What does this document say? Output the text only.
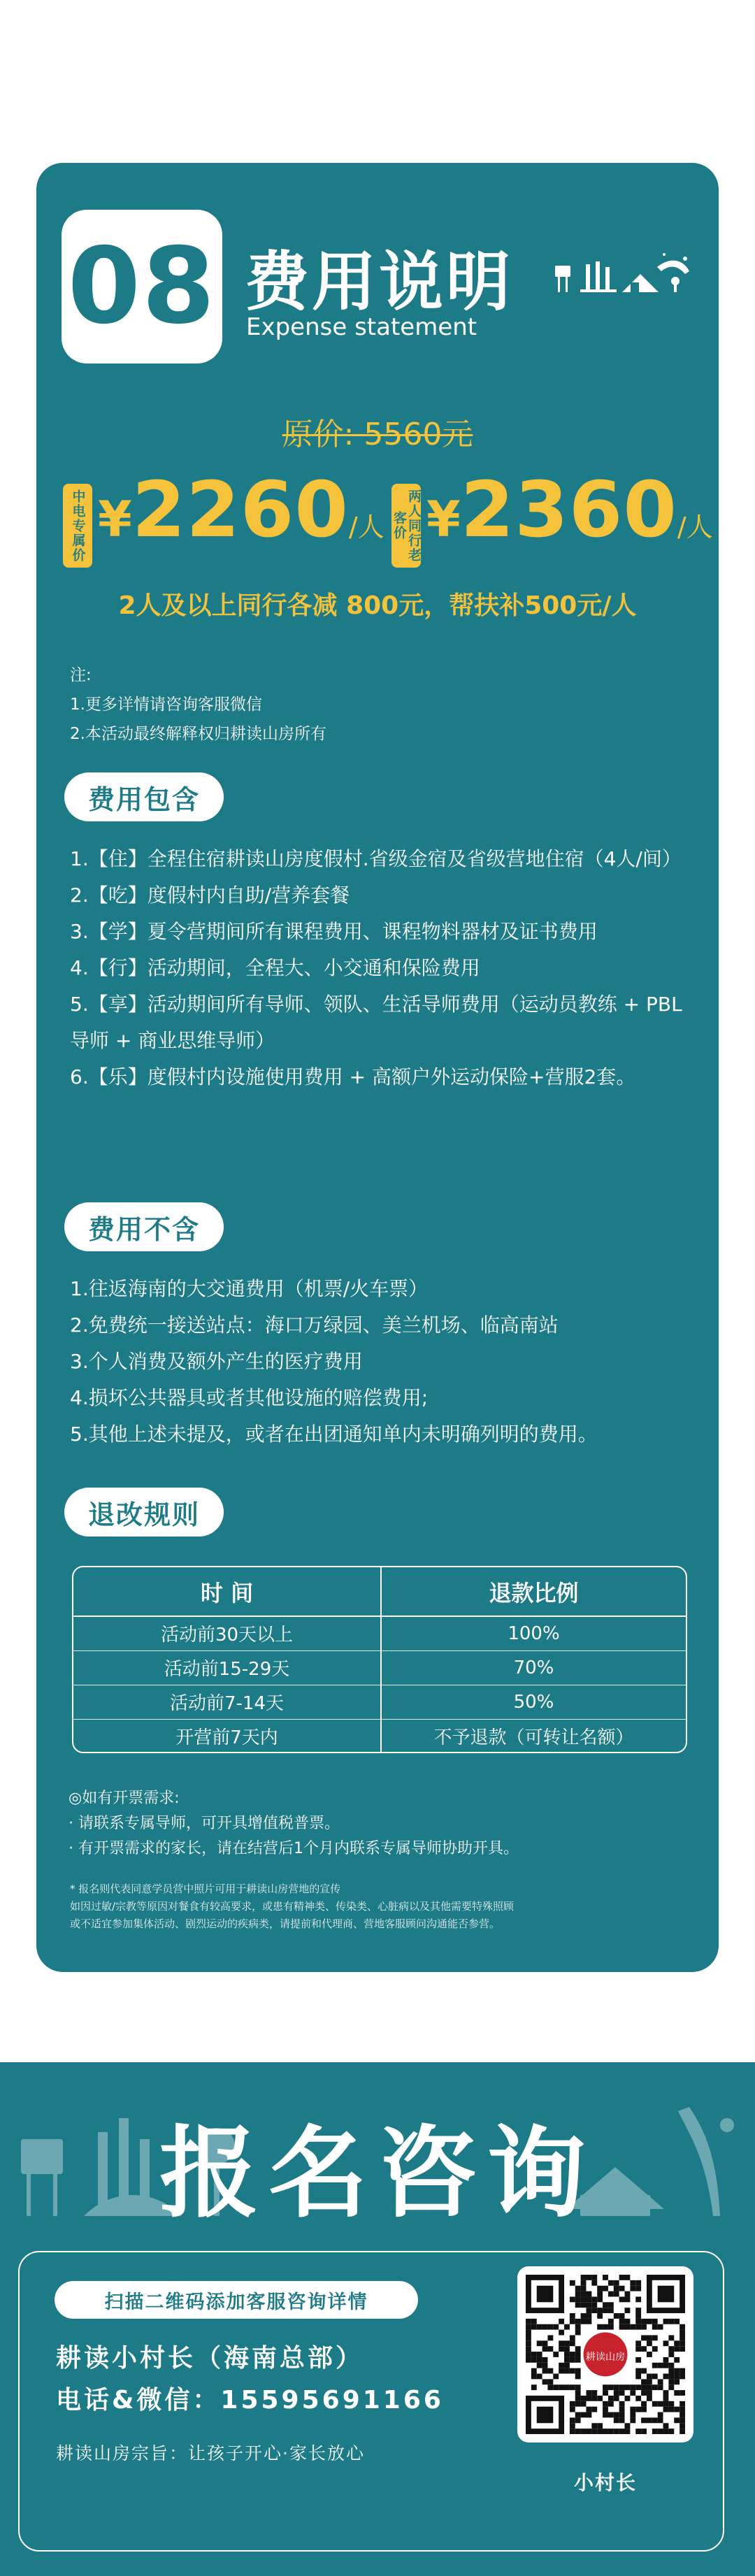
08 费用说明
Expense statement
原价: 5560元
中电专属价 ¥2260/人	两人同行老客价 ¥2360/人
2人及以上同行各减 800元，帮扶补500元/人
注:
1.更多详情请咨询客服微信
2.本活动最终解释权归耕读山房所有
费用包含
1.【住】全程住宿耕读山房度假村.省级金宿及省级营地住宿（4人/间）
2.【吃】度假村内自助/营养套餐
3.【学】夏令营期间所有课程费用、课程物料器材及证书费用
4.【行】活动期间，全程大、小交通和保险费用
5.【享】活动期间所有导师、领队、生活导师费用（运动员教练 + PBL导师 + 商业思维导师）
6.【乐】度假村内设施使用费用 + 高额户外运动保险+营服2套。
费用不含
1.往返海南的大交通费用（机票/火车票）
2.免费统一接送站点：海口万绿园、美兰机场、临高南站
3.个人消费及额外产生的医疗费用
4.损坏公共器具或者其他设施的赔偿费用;
5.其他上述未提及，或者在出团通知单内未明确列明的费用。
退改规则
时 间	退款比例
活动前30天以上	100%
活动前15-29天	70%
活动前7-14天	50%
开营前7天内	不予退款（可转让名额）
◎如有开票需求:
· 请联系专属导师，可开具增值税普票。
· 有开票需求的家长，请在结营后1个月内联系专属导师协助开具。
* 报名则代表同意学员营中照片可用于耕读山房营地的宣传
如因过敏/宗教等原因对餐食有较高要求，或患有精神类、传染类、心脏病以及其他需要特殊照顾
或不适宜参加集体活动、剧烈运动的疾病类，请提前和代理商、营地客服顾问沟通能否参营。
报名咨询
扫描二维码添加客服咨询详情
耕读小村长（海南总部）
电话&微信：15595691166
耕读山房宗旨：让孩子开心·家长放心
耕读山房
小村长
